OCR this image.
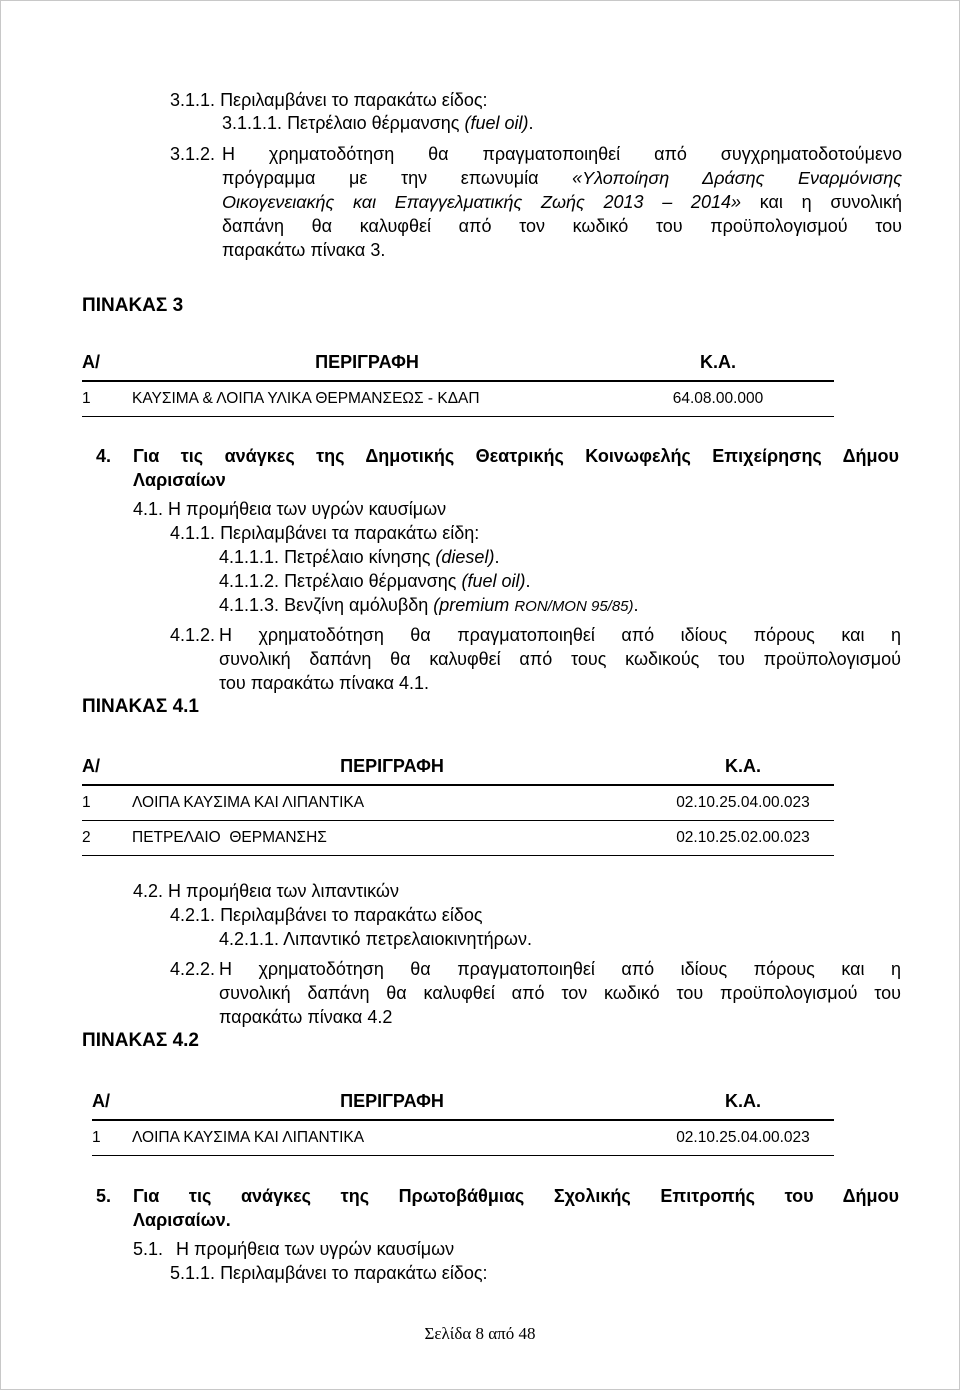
3.1.1. Περιλαμβάνει το παρακάτω είδος:
3.1.1.1. Πετρέλαιο θέρμανσης (fuel oil).
3.1.2. Η χρηματοδότηση θα πραγματοποιηθεί από συγχρηματοδοτούμενο
πρόγραμμα με την επωνυμία «Υλοποίηση Δράσης Εναρμόνισης
Οικογενειακής και Επαγγελματικής Ζωής 2013 – 2014» και η συνολική
δαπάνη θα καλυφθεί από τον κωδικό του προϋπολογισμού του
παρακάτω πίνακα 3.
ΠΙΝΑΚΑΣ 3
Α/	ΠΕΡΙΓΡΑΦΗ	Κ.Α.
1	ΚΑΥΣΙΜΑ & ΛΟΙΠΑ ΥΛΙΚΑ ΘΕΡΜΑΝΣΕΩΣ - ΚΔΑΠ	64.08.00.000
4. Για τις ανάγκες της Δημοτικής Θεατρικής Κοινωφελής Επιχείρησης Δήμου
Λαρισαίων
4.1. Η προμήθεια των υγρών καυσίμων
4.1.1. Περιλαμβάνει τα παρακάτω είδη:
4.1.1.1. Πετρέλαιο κίνησης (diesel).
4.1.1.2. Πετρέλαιο θέρμανσης (fuel oil).
4.1.1.3. Βενζίνη αμόλυβδη (premium RON/MON 95/85).
4.1.2. Η χρηματοδότηση θα πραγματοποιηθεί από ιδίους πόρους και η
συνολική δαπάνη θα καλυφθεί από τους κωδικούς του προϋπολογισμού
του παρακάτω πίνακα 4.1.
ΠΙΝΑΚΑΣ 4.1
Α/	ΠΕΡΙΓΡΑΦΗ	Κ.Α.
1	ΛΟΙΠΑ ΚΑΥΣΙΜΑ ΚΑΙ ΛΙΠΑΝΤΙΚΑ	02.10.25.04.00.023
2	ΠΕΤΡΕΛΑΙΟ  ΘΕΡΜΑΝΣΗΣ	02.10.25.02.00.023
4.2. Η προμήθεια των λιπαντικών
4.2.1. Περιλαμβάνει το παρακάτω είδος
4.2.1.1. Λιπαντικό πετρελαιοκινητήρων.
4.2.2. Η χρηματοδότηση θα πραγματοποιηθεί από ιδίους πόρους και η
συνολική δαπάνη θα καλυφθεί από τον κωδικό του προϋπολογισμού του
παρακάτω πίνακα 4.2
ΠΙΝΑΚΑΣ 4.2
Α/	ΠΕΡΙΓΡΑΦΗ	Κ.Α.
1	ΛΟΙΠΑ ΚΑΥΣΙΜΑ ΚΑΙ ΛΙΠΑΝΤΙΚΑ	02.10.25.04.00.023
5. Για τις ανάγκες της Πρωτοβάθμιας Σχολικής Επιτροπής του Δήμου
Λαρισαίων.
5.1. Η προμήθεια των υγρών καυσίμων
5.1.1. Περιλαμβάνει το παρακάτω είδος:
Σελίδα 8 από 48
